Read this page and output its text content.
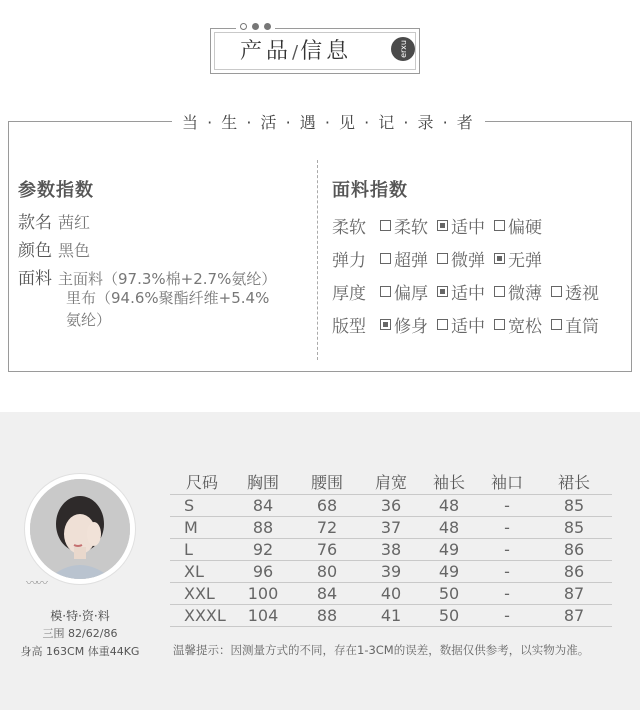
产品/信息	erxu
当 · 生 · 活 · 遇 · 见 · 记 · 录 · 者
参数指数
款名 茜红
颜色 黑色
面料 主面料（97.3%棉+2.7%氨纶）
里布（94.6%聚酯纤维+5.4%
氨纶）
面料指数
柔软	柔软 适中 偏硬
弹力	超弹 微弹 无弹
厚度	偏厚 适中 微薄 透视
版型	修身 适中 宽松 直筒
〰〰
模·特·资·料
三围 82/62/86
身高 163CM 体重44KG
尺码	胸围	腰围	肩宽	袖长	袖口	裙长
S	84	68	36	48	-	85
M	88	72	37	48	-	85
L	92	76	38	49	-	86
XL	96	80	39	49	-	86
XXL	100	84	40	50	-	87
XXXL	104	88	41	50	-	87
温馨提示：因测量方式的不同，存在1-3CM的误差，数据仅供参考，以实物为准。
